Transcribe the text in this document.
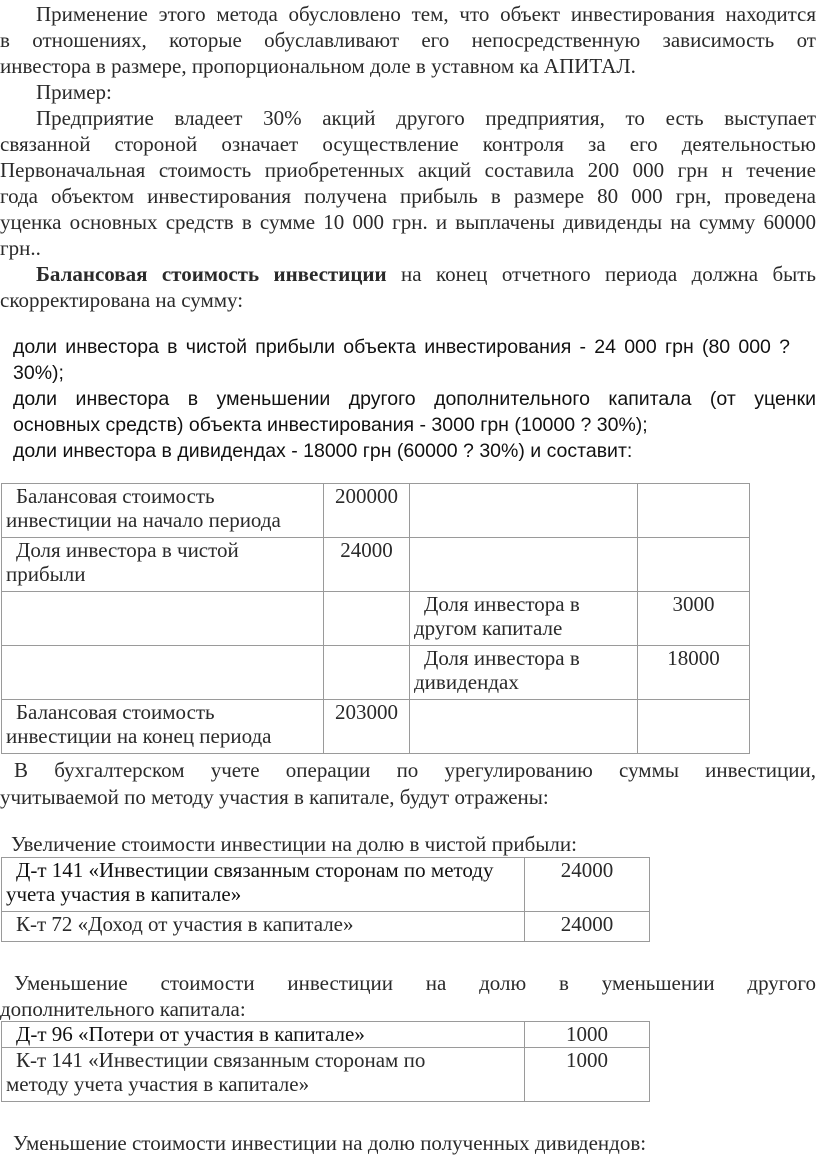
Применение этого метода обусловлено тем, что объект инвестирования находится
в отношениях, которые обуславливают его непосредственную зависимость от
инвестора в размере, пропорциональном доле в уставном ка АПИТАЛ.
Пример:
Предприятие владеет 30% акций другого предприятия, то есть выступает
связанной стороной означает осуществление контроля за его деятельностью
Первоначальная стоимость приобретенных акций составила 200 000 грн н течение
года объектом инвестирования получена прибыль в размере 80 000 грн, проведена
уценка основных средств в сумме 10 000 грн. и выплачены дивиденды на сумму 60000
грн..
Балансовая стоимость инвестиции на конец отчетного периода должна быть
скорректирована на сумму:
доли инвестора в чистой прибыли объекта инвестирования - 24 000 грн (80 000 ?
30%);
доли инвестора в уменьшении другого дополнительного капитала (от уценки
основных средств) объекта инвестирования - 3000 грн (10000 ? 30%);
доли инвестора в дивидендах - 18000 грн (60000 ? 30%) и составит:
Балансовая стоимость
инвестиции на начало периода	200000		

Доля инвестора в чистой
прибыли	24000		

		Доля инвестора в
другом капитале	3000

		Доля инвестора в
дивидендах	18000

Балансовая стоимость
инвестиции на конец периода	203000		
В бухгалтерском учете операции по урегулированию суммы инвестиции,
учитываемой по методу участия в капитале, будут отражены:
Увеличение стоимости инвестиции на долю в чистой прибыли:
Д-т 141 «Инвестиции связанным сторонам по методу
учета участия в капитале»	24000

К-т 72 «Доход от участия в капитале»	24000
Уменьшение стоимости инвестиции на долю в уменьшении другого
дополнительного капитала:
Д-т 96 «Потери от участия в капитале»	1000

К-т 141 «Инвестиции связанным сторонам по
методу учета участия в капитале»	1000
Уменьшение стоимости инвестиции на долю полученных дивидендов:
